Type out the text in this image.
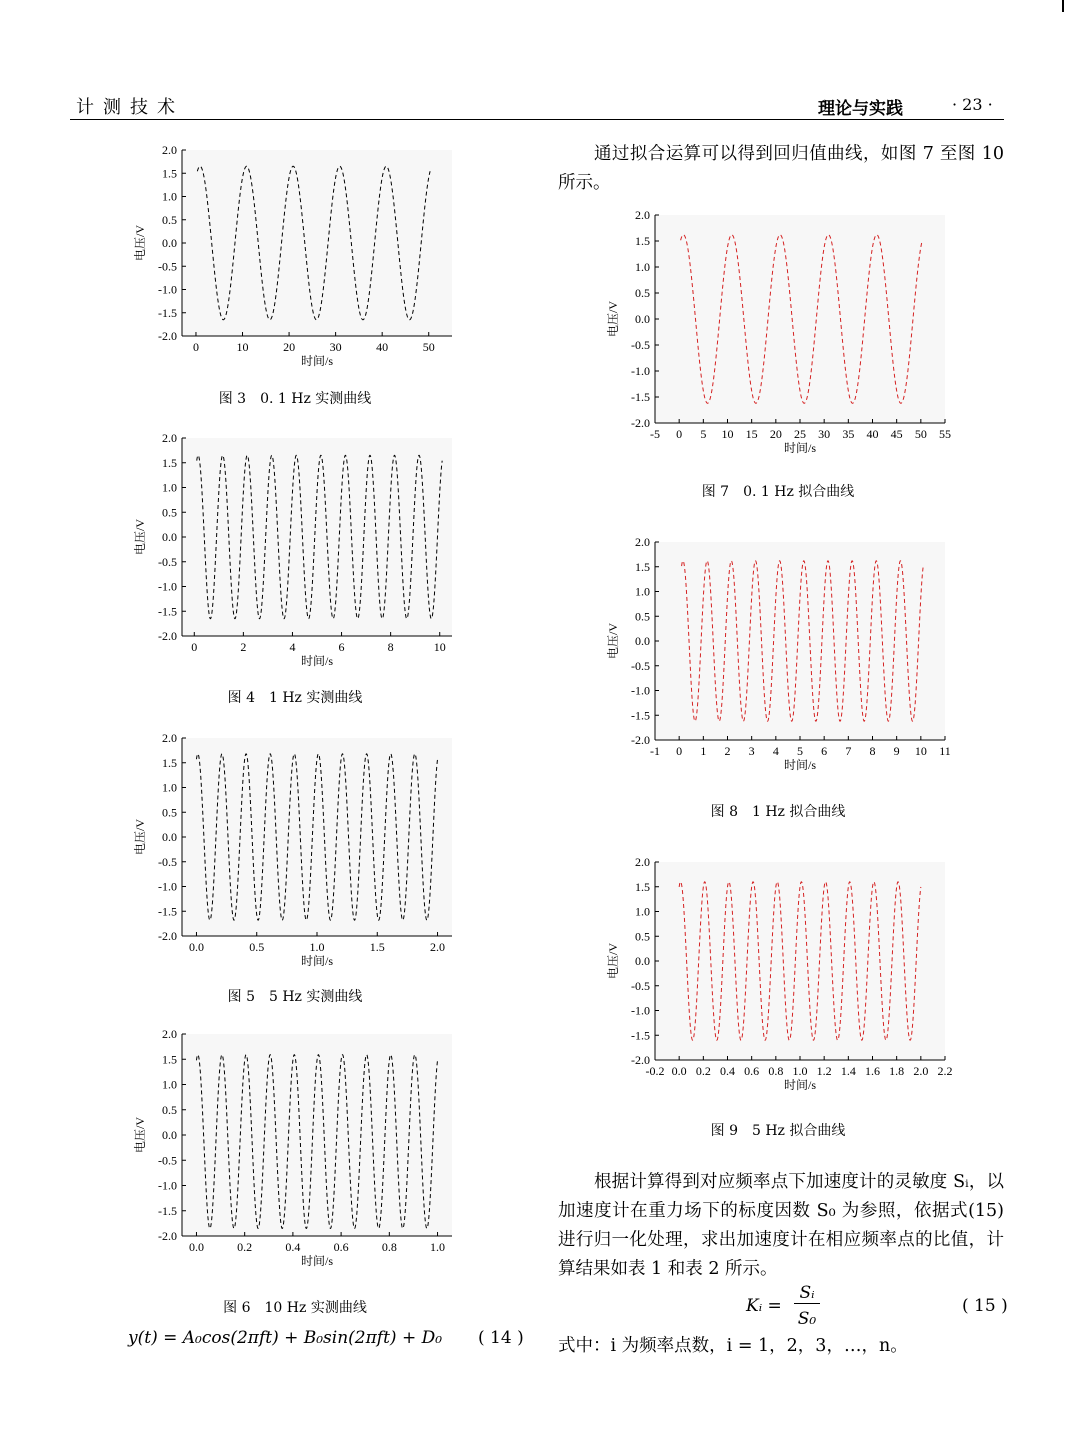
计测技术	理论与实践	· 23 ·
2.0
1.5
1.0
0.5
0.0
-0.5
-1.0
-1.5
-2.0
0	10	20	30	40	50
时间/s
电压/V
图 3　0. 1 Hz 实测曲线
2.0
1.5
1.0
0.5
0.0
-0.5
-1.0
-1.5
-2.0
0	2	4	6	8	10
时间/s
电压/V
图 4　1 Hz 实测曲线
2.0
1.5
1.0
0.5
0.0
-0.5
-1.0
-1.5
-2.0
0.0	0.5	1.0	1.5	2.0
时间/s
电压/V
图 5　5 Hz 实测曲线
2.0
1.5
1.0
0.5
0.0
-0.5
-1.0
-1.5
-2.0
0.0	0.2	0.4	0.6	0.8	1.0
时间/s
电压/V
图 6　10 Hz 实测曲线
y(t) = A₀cos(2πft) + B₀sin(2πft) + D₀ ( 14 )
通过拟合运算可以得到回归值曲线，如图 7 至图 10 所示。
2.0
1.5
1.0
0.5
0.0
-0.5
-1.0
-1.5
-2.0
-5 0 5 10 15 20 25 30 35 40 45 50 55
时间/s
电压/V
图 7　0. 1 Hz 拟合曲线
2.0
1.5
1.0
0.5
0.0
-0.5
-1.0
-1.5
-2.0
-1 0 1 2 3 4 5 6 7 8 9 10 11
时间/s
电压/V
图 8　1 Hz 拟合曲线
2.0
1.5
1.0
0.5
0.0
-0.5
-1.0
-1.5
-2.0
-0.2 0.0 0.2 0.4 0.6 0.8 1.0 1.2 1.4 1.6 1.8 2.0 2.2
时间/s
电压/V
图 9　5 Hz 拟合曲线
根据计算得到对应频率点下加速度计的灵敏度 Sᵢ，以加速度计在重力场下的标度因数 S₀ 为参照，依据式(15)进行归一化处理，求出加速度计在相应频率点的比值，计算结果如表 1 和表 2 所示。
Kᵢ =
Sᵢ
S₀
( 15 )
式中：i 为频率点数，i = 1，2，3，…，n。
